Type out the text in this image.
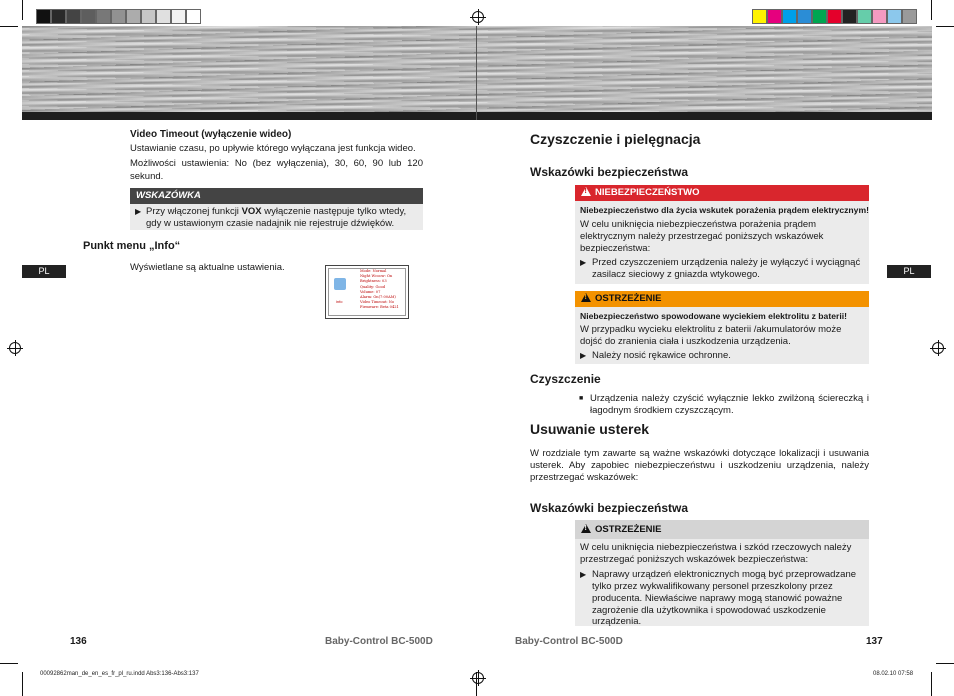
Video Timeout (wyłączenie wideo)
Ustawianie czasu, po upływie którego wyłączana jest funkcja wideo.
Możliwości ustawienia: No (bez wyłączenia), 30, 60, 90 lub 120 sekund.
WSKAZÓWKA
▶ Przy włączonej funkcji VOX wyłączenie następuje tylko wtedy,
gdy w ustawionym czasie nadajnik nie rejestruje dźwięków.
Punkt menu „Info“
Wyświetlane są aktualne ustawienia.
info
Mode: Normal
Night Wcoow: On
Brightness: 03
Quality: Good
Volume: 07
Alarm: On(7:00AM)
Video Timeout: No
Firmware: Beta 0421
PL
136	Baby-Control BC-500D
Czyszczenie i pielęgnacja
Wskazówki bezpieczeństwa
!NIEBEZPIECZEŃSTWO
Niebezpieczeństwo dla życia wskutek porażenia prądem elektrycznym!
W celu uniknięcia niebezpieczeństwa porażenia prądem
elektrycznym należy przestrzegać poniższych wskazówek
bezpieczeństwa:
▶ Przed czyszczeniem urządzenia należy je wyłączyć i wyciągnąć
zasilacz sieciowy z gniazda wtykowego.
!OSTRZEŻENIE
Niebezpieczeństwo spowodowane wyciekiem elektrolitu z baterii!
W przypadku wycieku elektrolitu z baterii /akumulatorów może
dojść do zranienia ciała i uszkodzenia urządzenia.
▶ Należy nosić rękawice ochronne.
Czyszczenie
■ Urządzenia należy czyścić wyłącznie lekko zwilżoną ściereczką i
łagodnym środkiem czyszczącym.
Usuwanie usterek
W rozdziale tym zawarte są ważne wskazówki dotyczące lokalizacji i usuwania
usterek. Aby zapobiec niebezpieczeństwu i uszkodzeniu urządzenia, należy
przestrzegać wskazówek:
Wskazówki bezpieczeństwa
!OSTRZEŻENIE
W celu uniknięcia niebezpieczeństwa i szkód rzeczowych należy
przestrzegać poniższych wskazówek bezpieczeństwa:
▶ Naprawy urządzeń elektronicznych mogą być przeprowadzane
tylko przez wykwalifikowany personel przeszkolony przez
producenta. Niewłaściwe naprawy mogą stanowić poważne
zagrożenie dla użytkownika i spowodować uszkodzenie
urządzenia.
PL
Baby-Control BC-500D	137
00092862man_de_en_es_fr_pl_ru.indd Abs3:136-Abs3:137	08.02.10 07:58
